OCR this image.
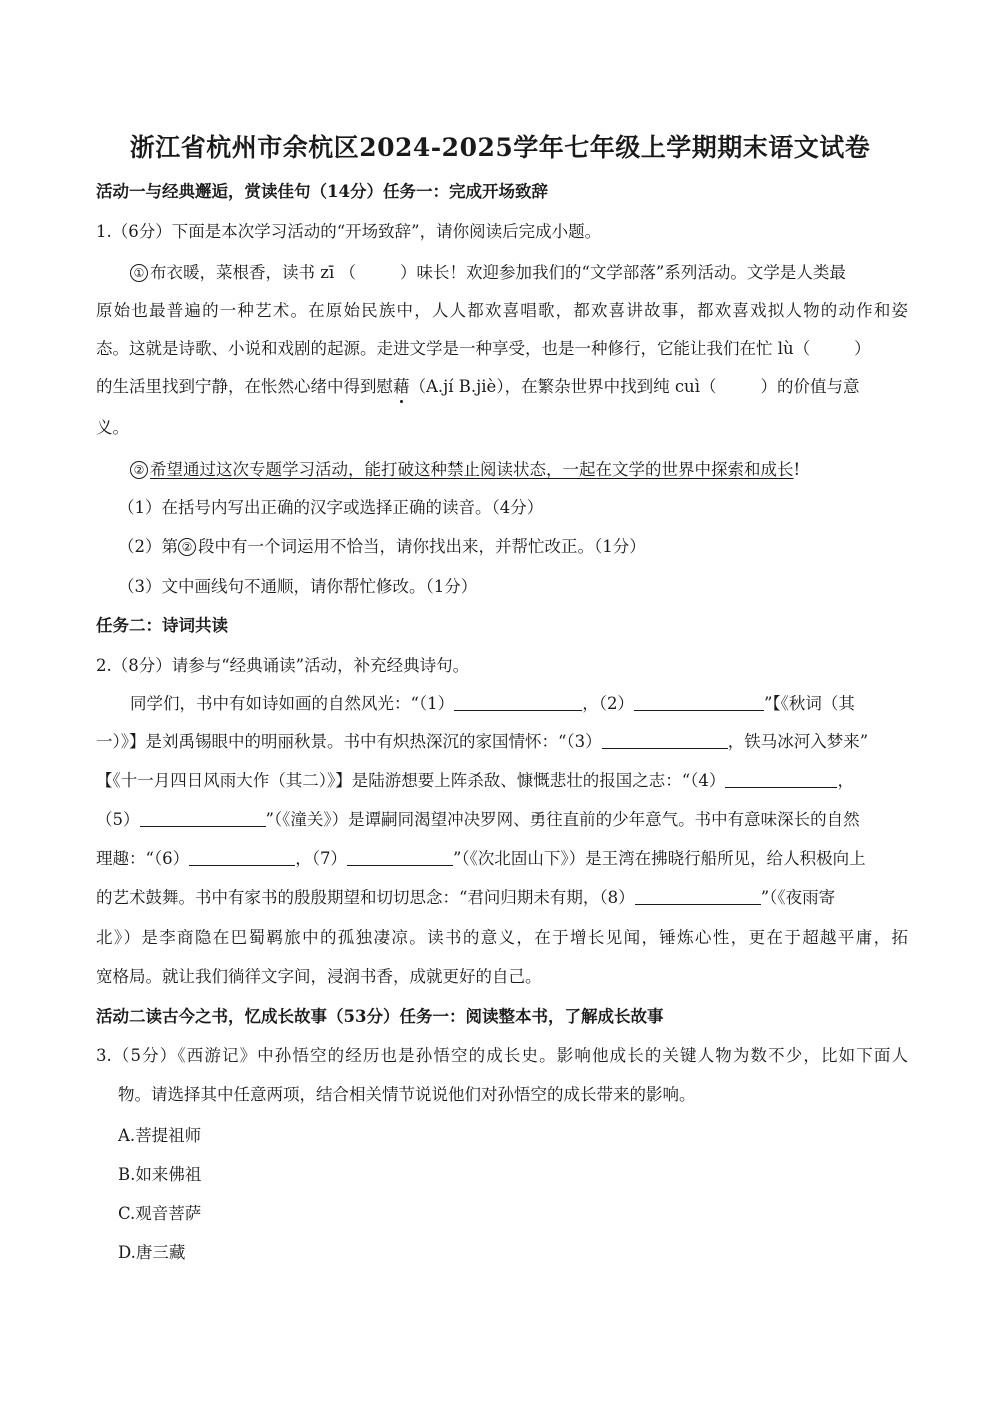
浙江省杭州市余杭区2024-2025学年七年级上学期期末语文试卷
活动一与经典邂逅，赏读佳句（14分）任务一：完成开场致辞
1.（6分）下面是本次学习活动的“开场致辞”，请你阅读后完成小题。
① 布衣暖，菜根香，读书 zī （	）味长！欢迎参加我们的“文学部落”系列活动。文学是人类最
原始也最普遍的一种艺术。在原始民族中，人人都欢喜唱歌，都欢喜讲故事，都欢喜戏拟人物的动作和姿
态。这就是诗歌、小说和戏剧的起源。走进文学是一种享受，也是一种修行，它能让我们在忙 lù（	）
的生活里找到宁静，在怅然心绪中得到慰藉（A.jí B.jiè），在繁杂世界中找到纯 cuì（	）的价值与意
义。
② 希望通过这次专题学习活动，能打破这种禁止阅读状态，一起在文学的世界中探索和成长!
（1）在括号内写出正确的汉字或选择正确的读音。（4分）
（2）第 ② 段中有一个词运用不恰当，请你找出来，并帮忙改正。（1分）
（3）文中画线句不通顺，请你帮忙修改。（1分）
任务二：诗词共读
2.（8分）请参与“经典诵读”活动，补充经典诗句。
同学们，书中有如诗如画的自然风光：“（1）	，（2）	”【《秋词（其
一）》】是刘禹锡眼中的明丽秋景。书中有炽热深沉的家国情怀：“（3）	，铁马冰河入梦来”
【《十一月四日风雨大作（其二）》】是陆游想要上阵杀敌、慷慨悲壮的报国之志：“（4）	，
（5）	”（《潼关》）是谭嗣同渴望冲决罗网、勇往直前的少年意气。书中有意味深长的自然
理趣：“（6）	，（7）	”（《次北固山下》）是王湾在拂晓行船所见，给人积极向上
的艺术鼓舞。书中有家书的殷殷期望和切切思念：“君问归期未有期，（8）	”（《夜雨寄
北》）是李商隐在巴蜀羁旅中的孤独凄凉。读书的意义，在于增长见闻，锤炼心性，更在于超越平庸，拓
宽格局。就让我们徜徉文字间，浸润书香，成就更好的自己。
活动二读古今之书，忆成长故事（53分）任务一：阅读整本书，了解成长故事
3.（5分）《西游记》中孙悟空的经历也是孙悟空的成长史。影响他成长的关键人物为数不少，比如下面人
物。请选择其中任意两项，结合相关情节说说他们对孙悟空的成长带来的影响。
A.菩提祖师
B.如来佛祖
C.观音菩萨
D.唐三藏
